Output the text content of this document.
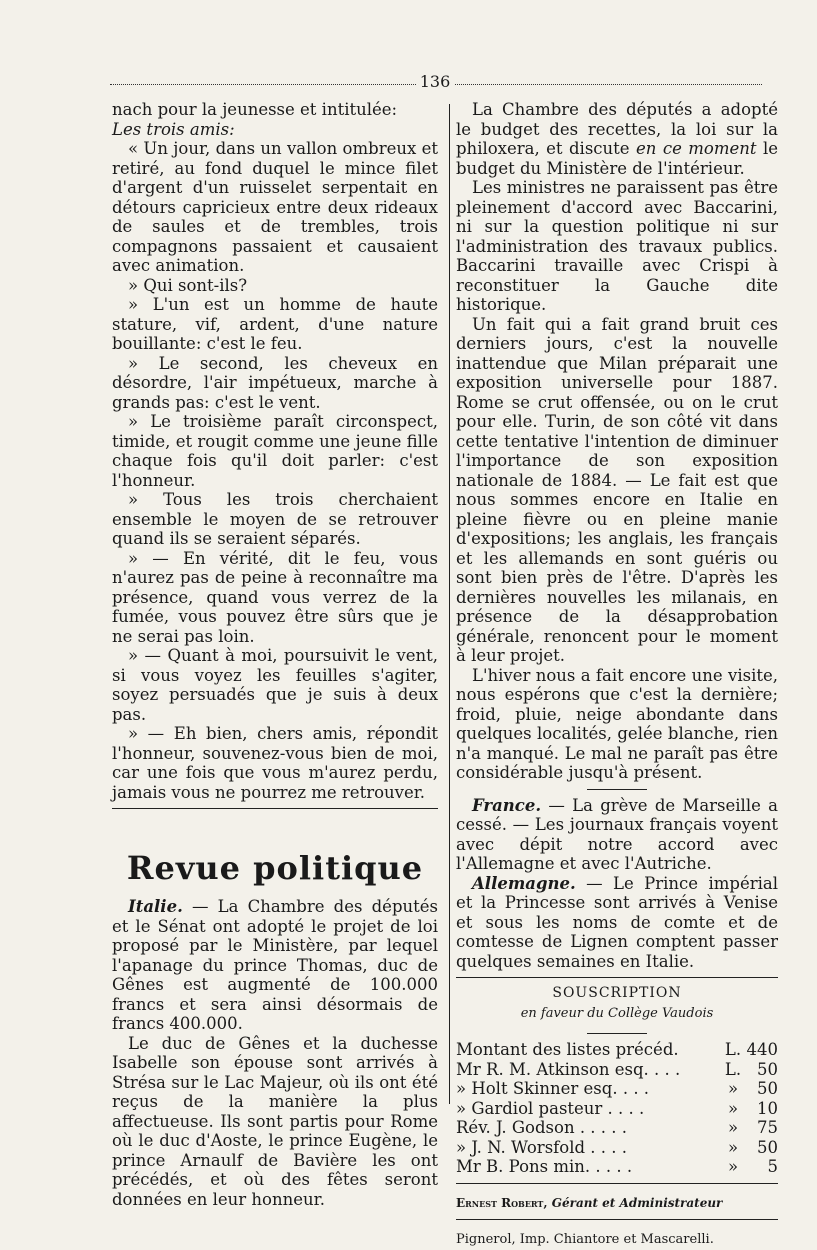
136

nach pour la jeunesse et intitulée:

Les trois amis:

« Un jour, dans un vallon ombreux et retiré, au fond duquel le mince filet d'argent d'un ruisselet serpentait en détours capricieux entre deux rideaux de saules et de trembles, trois compagnons passaient et causaient avec animation.

» Qui sont-ils?

» L'un est un homme de haute stature, vif, ardent, d'une nature bouillante: c'est le feu.

» Le second, les cheveux en désordre, l'air impétueux, marche à grands pas: c'est le vent.

» Le troisième paraît circonspect, timide, et rougit comme une jeune fille chaque fois qu'il doit parler: c'est l'honneur.

» Tous les trois cherchaient ensemble le moyen de se retrouver quand ils se seraient séparés.

» — En vérité, dit le feu, vous n'aurez pas de peine à reconnaître ma présence, quand vous verrez de la fumée, vous pouvez être sûrs que je ne serai pas loin.

» — Quant à moi, poursuivit le vent, si vous voyez les feuilles s'agiter, soyez persuadés que je suis à deux pas.

» — Eh bien, chers amis, répondit l'honneur, souvenez-vous bien de moi, car une fois que vous m'aurez perdu, jamais vous ne pourrez me retrouver.

Revue politique

Italie. — La Chambre des députés et le Sénat ont adopté le projet de loi proposé par le Ministère, par lequel l'apanage du prince Thomas, duc de Gênes est augmenté de 100.000 francs et sera ainsi désormais de francs 400.000.

Le duc de Gênes et la duchesse Isabelle son épouse sont arrivés à Strésa sur le Lac Majeur, où ils ont été reçus de la manière la plus affectueuse. Ils sont partis pour Rome où le duc d'Aoste, le prince Eugène, le prince Arnaulf de Bavière les ont précédés, et où des fêtes seront données en leur honneur.

La Chambre des députés a adopté le budget des recettes, la loi sur la philoxera, et discute en ce moment le budget du Ministère de l'intérieur.

Les ministres ne paraissent pas être pleinement d'accord avec Baccarini, ni sur la question politique ni sur l'administration des travaux publics. Baccarini travaille avec Crispi à reconstituer la Gauche dite historique.

Un fait qui a fait grand bruit ces derniers jours, c'est la nouvelle inattendue que Milan préparait une exposition universelle pour 1887. Rome se crut offensée, ou on le crut pour elle. Turin, de son côté vit dans cette tentative l'intention de diminuer l'importance de son exposition nationale de 1884. — Le fait est que nous sommes encore en Italie en pleine fièvre ou en pleine manie d'expositions; les anglais, les français et les allemands en sont guéris ou sont bien près de l'être. D'après les dernières nouvelles les milanais, en présence de la désapprobation générale, renoncent pour le moment à leur projet.

L'hiver nous a fait encore une visite, nous espérons que c'est la dernière; froid, pluie, neige abondante dans quelques localités, gelée blanche, rien n'a manqué. Le mal ne paraît pas être considérable jusqu'à présent.

France. — La grève de Marseille a cessé. — Les journaux français voyent avec dépit notre accord avec l'Allemagne et avec l'Autriche.

Allemagne. — Le Prince impérial et la Princesse sont arrivés à Venise et sous les noms de comte et de comtesse de Lignen comptent passer quelques semaines en Italie.

SOUSCRIPTION
en faveur du Collège Vaudois
Montant des listes précéd.	L. 440
Mr R. M. Atkinson esq. . . .	L. 50
» Holt Skinner esq. . . .	»	50
» Gardiol pasteur . . . .	»	10
Rév. J. Godson . . . . .	»	75
» J. N. Worsfold . . . .	»	50
Mr B. Pons min. . . . .	»	5
Ernest Robert, Gérant et Administrateur
Pignerol, Imp. Chiantore et Mascarelli.
